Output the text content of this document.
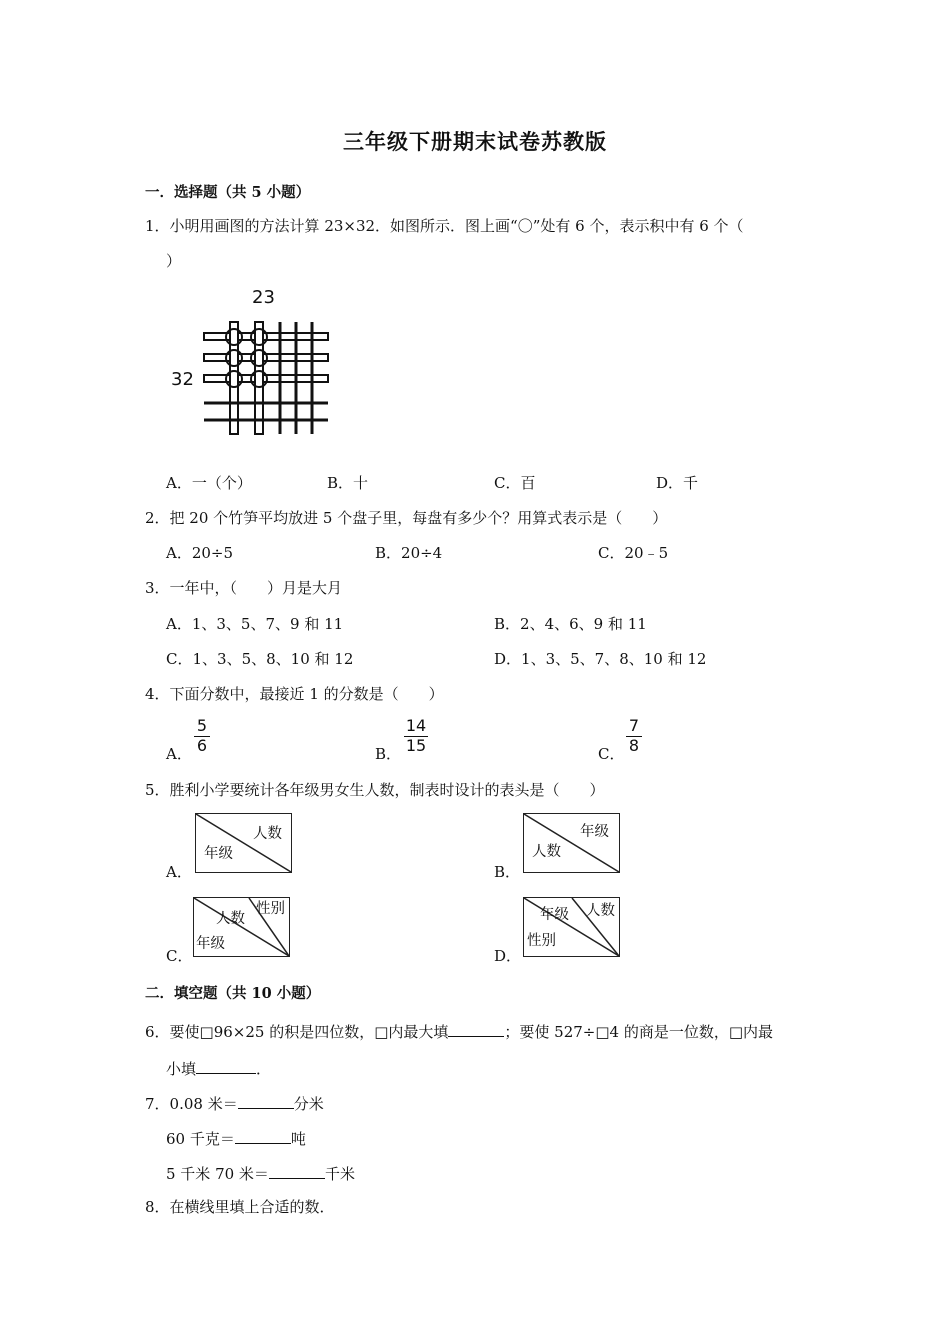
三年级下册期末试卷苏教版
一．选择题（共 5 小题）
1．小明用画图的方法计算 23×32．如图所示．图上画“〇”处有 6 个，表示积中有 6 个（
）
23
32
A．一（个）	B．十	C．百	D．千
2．把 20 个竹笋平均放进 5 个盘子里，每盘有多少个？用算式表示是（　　）
A．20÷5	B．20÷4	C．20﹣5
3．一年中，（　　）月是大月
A．1、3、5、7、9 和 11	B．2、4、6、9 和 11
C．1、3、5、8、10 和 12	D．1、3、5、7、8、10 和 12
4．下面分数中，最接近 1 的分数是（　　）
A．
5
6	B．
14
15	C．
7
8
5．胜利小学要统计各年级男女生人数，制表时设计的表头是（　　）
A．
人数
年级
B．
年级
人数
C．
性别
人数
年级
D．
人数
年级
性别
二．填空题（共 10 小题）
6．要使□96×25 的积是四位数，□内最大填	；要使 527÷□4 的商是一位数，□内最
小填	．
7．0.08 米＝	分米
60 千克＝	吨
5 千米 70 米＝	千米
8．在横线里填上合适的数．
